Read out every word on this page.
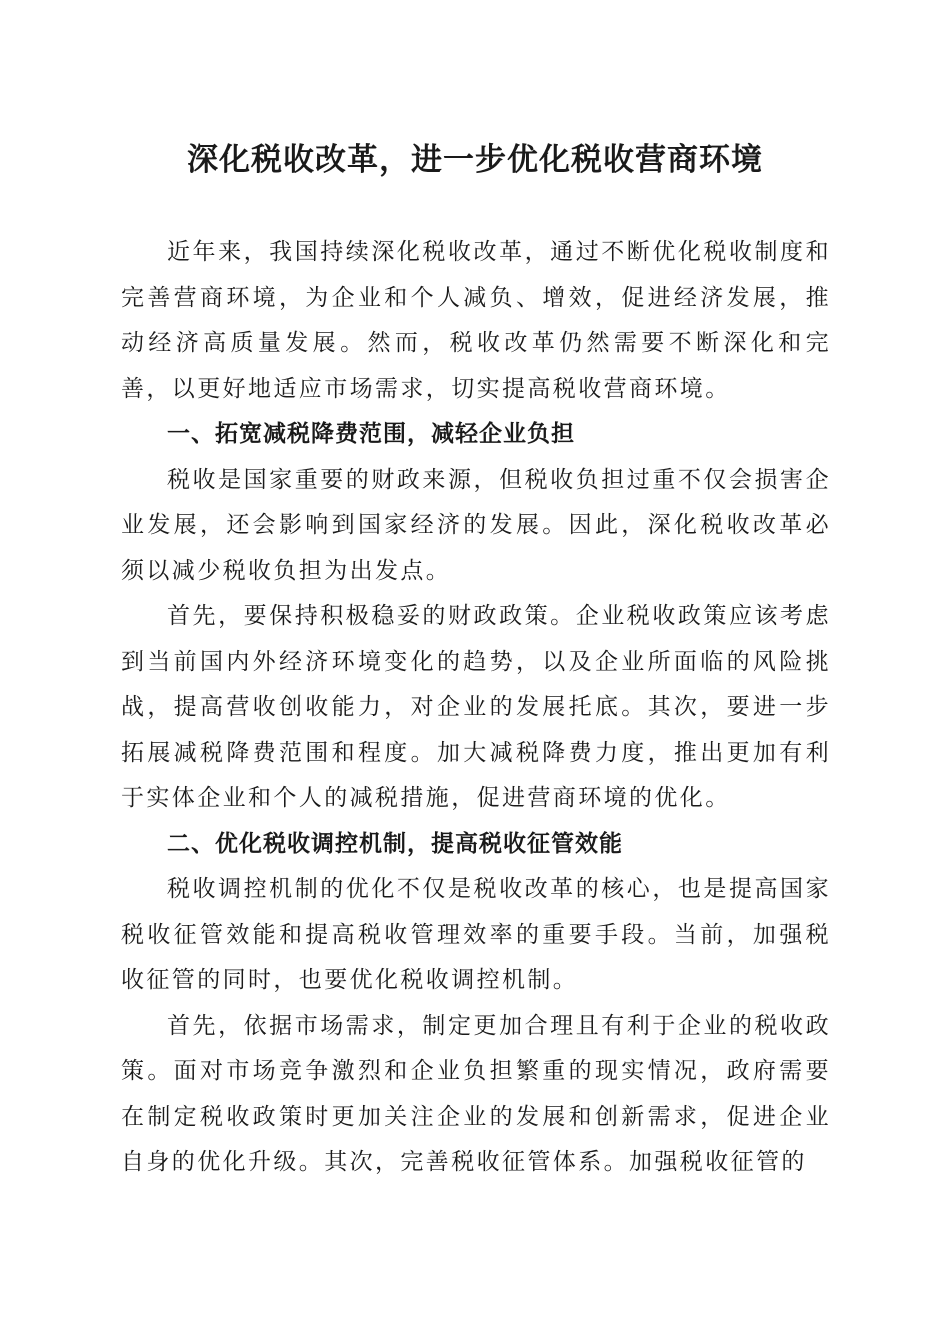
深化税收改革，进一步优化税收营商环境

近年来，我国持续深化税收改革，通过不断优化税收制度和完善营商环境，为企业和个人减负、增效，促进经济发展，推动经济高质量发展。然而，税收改革仍然需要不断深化和完善，以更好地适应市场需求，切实提高税收营商环境。

一、拓宽减税降费范围，减轻企业负担

税收是国家重要的财政来源，但税收负担过重不仅会损害企业发展，还会影响到国家经济的发展。因此，深化税收改革必须以减少税收负担为出发点。

首先，要保持积极稳妥的财政政策。企业税收政策应该考虑到当前国内外经济环境变化的趋势，以及企业所面临的风险挑战，提高营收创收能力，对企业的发展托底。其次，要进一步拓展减税降费范围和程度。加大减税降费力度，推出更加有利于实体企业和个人的减税措施，促进营商环境的优化。

二、优化税收调控机制，提高税收征管效能

税收调控机制的优化不仅是税收改革的核心，也是提高国家税收征管效能和提高税收管理效率的重要手段。当前，加强税收征管的同时，也要优化税收调控机制。

首先，依据市场需求，制定更加合理且有利于企业的税收政策。面对市场竞争激烈和企业负担繁重的现实情况，政府需要在制定税收政策时更加关注企业的发展和创新需求，促进企业自身的优化升级。其次，完善税收征管体系。加强税收征管的
